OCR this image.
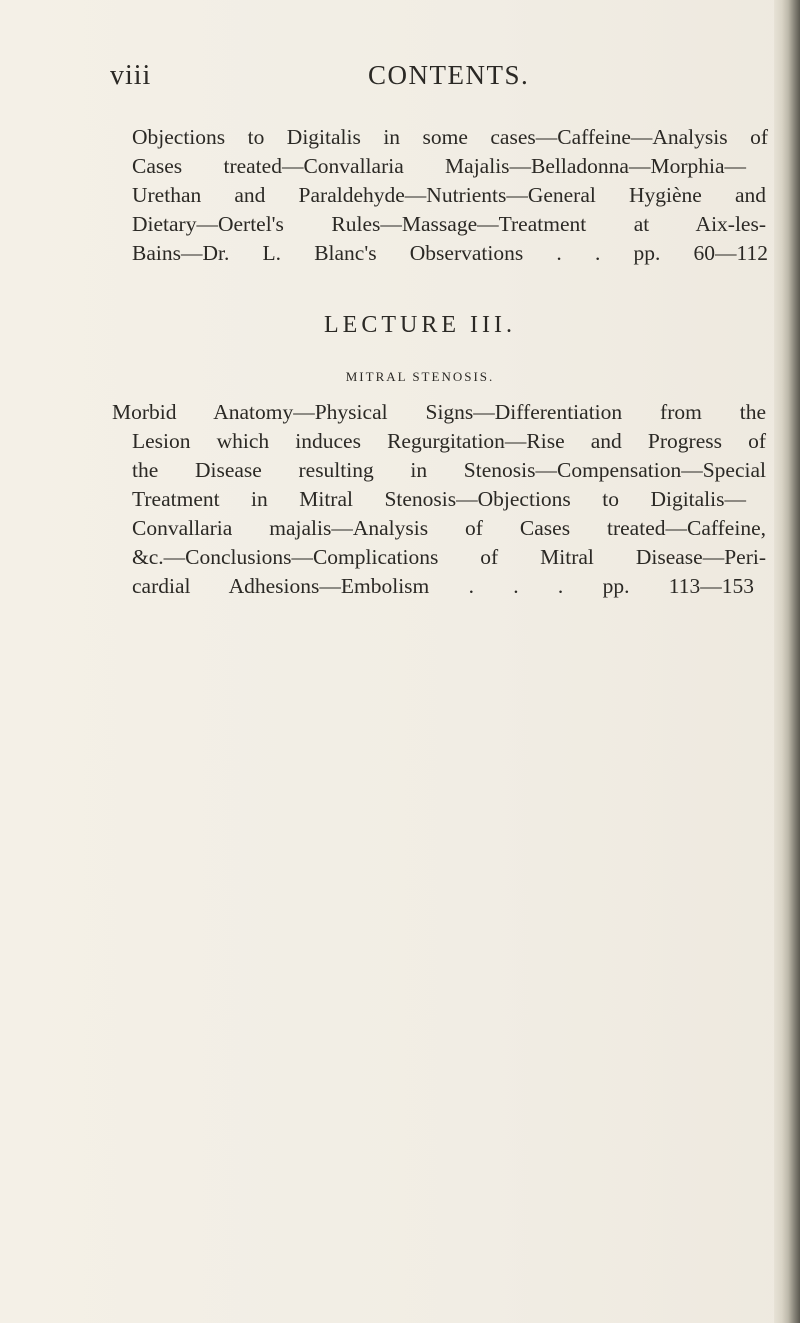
viii	CONTENTS.
Objections to Digitalis in some cases—Caffeine—Analysis of
Cases treated—Convallaria Majalis—Belladonna—Morphia—
Urethan and Paraldehyde—Nutrients—General Hygiène and
Dietary—Oertel's Rules—Massage—Treatment at Aix-les-
Bains—Dr. L. Blanc's Observations . . pp. 60—112
LECTURE III.
MITRAL STENOSIS.
Morbid Anatomy—Physical Signs—Differentiation from the
Lesion which induces Regurgitation—Rise and Progress of
the Disease resulting in Stenosis—Compensation—Special
Treatment in Mitral Stenosis—Objections to Digitalis—
Convallaria majalis—Analysis of Cases treated—Caffeine,
&c.—Conclusions—Complications of Mitral Disease—Peri-
cardial Adhesions—Embolism . . . pp. 113—153
